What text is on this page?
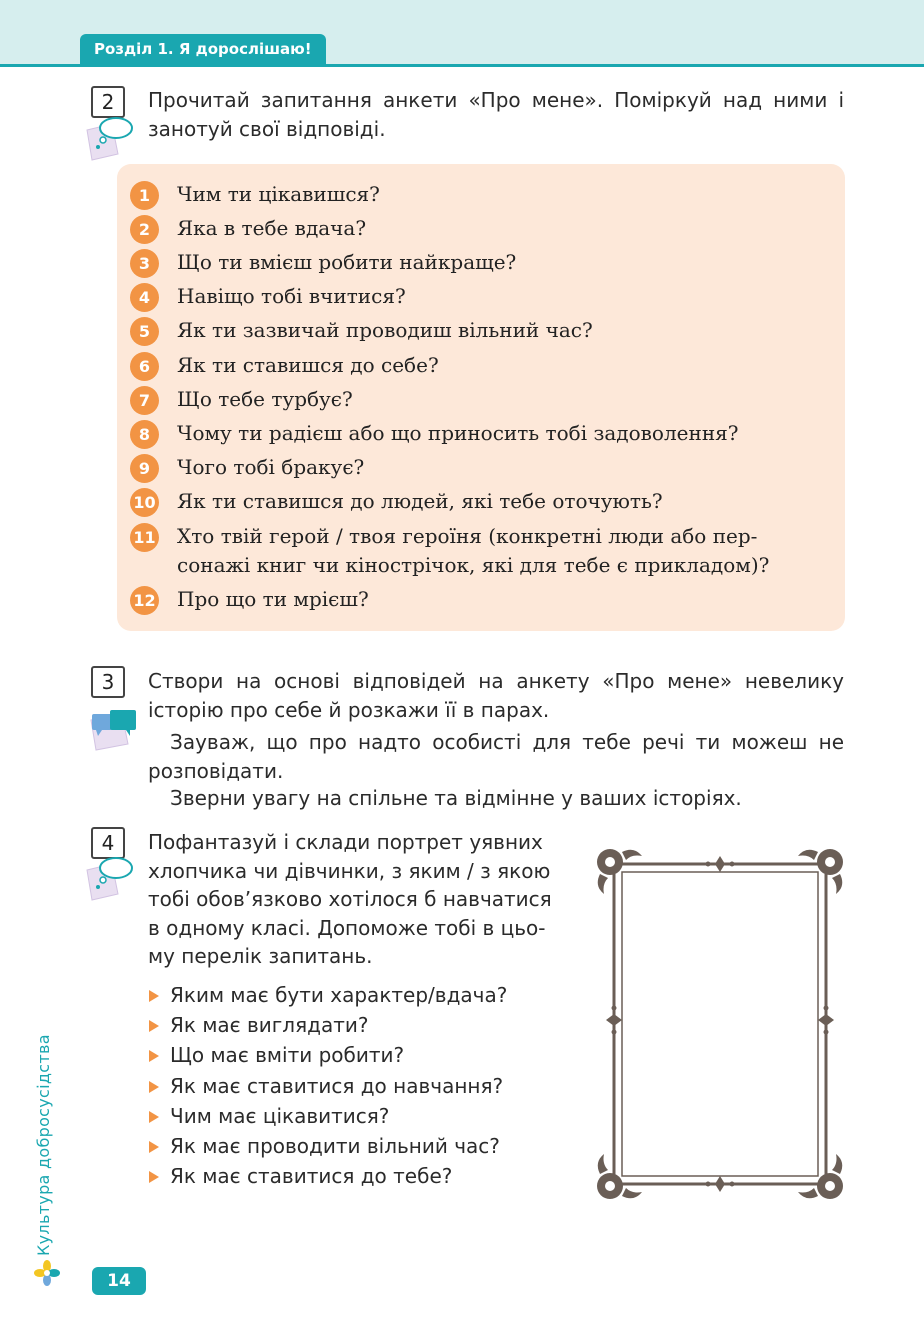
Розділ 1. Я дорослішаю!
2	Прочитай запитання анкети «Про мене». Поміркуй над ними і занотуй свої відповіді.
1	Чим ти цікавишся?
2	Яка в тебе вдача?
3	Що ти вмієш робити найкраще?
4	Навіщо тобі вчитися?
5	Як ти зазвичай проводиш вільний час?
6	Як ти ставишся до себе?
7	Що тебе турбує?
8	Чому ти радієш або що приносить тобі задоволення?
9	Чого тобі бракує?
10 Як ти ставишся до людей, які тебе оточують?
11 Хто твій герой / твоя героїня (конкретні люди або пер-
сонажі книг чи кінострічок, які для тебе є прикладом)?
12 Про що ти мрієш?
3	Створи на основі відповідей на анкету «Про мене» невелику історію про себе й розкажи її в парах.
Зауваж, що про надто особисті для тебе речі ти можеш не розповідати.
Зверни увагу на спільне та відмінне у ваших історіях.
4	Пофантазуй і склади портрет уявних
хлопчика чи дівчинки, з яким / з якою
тобі обов’язково хотілося б навчатися
в одному класі. Допоможе тобі в цьо-
му перелік запитань.
Яким має бути характер/вдача?
Як має виглядати?
Що має вміти робити?
Як має ставитися до навчання?
Чим має цікавитися?
Як має проводити вільний час?
Як має ставитися до тебе?
Культура добросусідства
14
